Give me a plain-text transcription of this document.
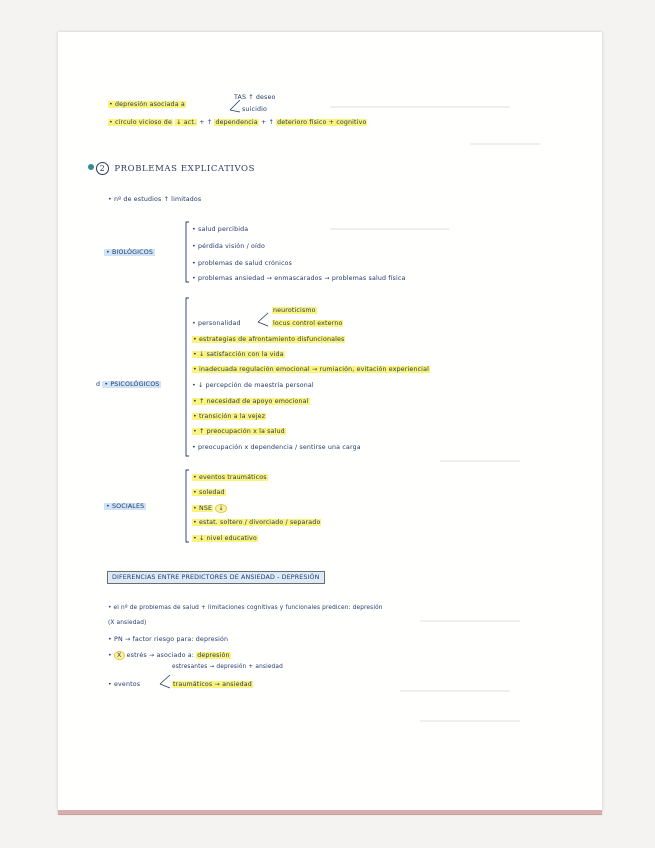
TAS ↑ deseo
suicidio
• depresión asociada a
• círculo vicioso de ↓ act. + ↑ dependencia + ↑ deterioro físico + cognitivo
2 PROBLEMAS EXPLICATIVOS
• nº de estudios ↑ limitados
• BIOLÓGICOS
• salud percibida
• pérdida visión / oído
• problemas de salud crónicos
• problemas ansiedad → enmascarados → problemas salud física
d • PSICOLÓGICOS
neuroticismo
• personalidad	locus control externo
• estrategias de afrontamiento disfuncionales
• ↓ satisfacción con la vida
• inadecuada regulación emocional → rumiación, evitación experiencial
• ↓ percepción de maestría personal
• ↑ necesidad de apoyo emocional
• transición a la vejez
• ↑ preocupación x la salud
• preocupación x dependencia / sentirse una carga
• SOCIALES
• eventos traumáticos
• soledad
• NSE ↓
• estat. soltero / divorciado / separado
• ↓ nivel educativo
DIFERENCIAS ENTRE PREDICTORES DE ANSIEDAD - DEPRESIÓN
• el nº de problemas de salud + limitaciones cognitivas y funcionales predicen: depresión
(X ansiedad)
• PN → factor riesgo para: depresión
• X estrés → asociado a: depresión
estresantes → depresión + ansiedad
• eventos	traumáticos → ansiedad
